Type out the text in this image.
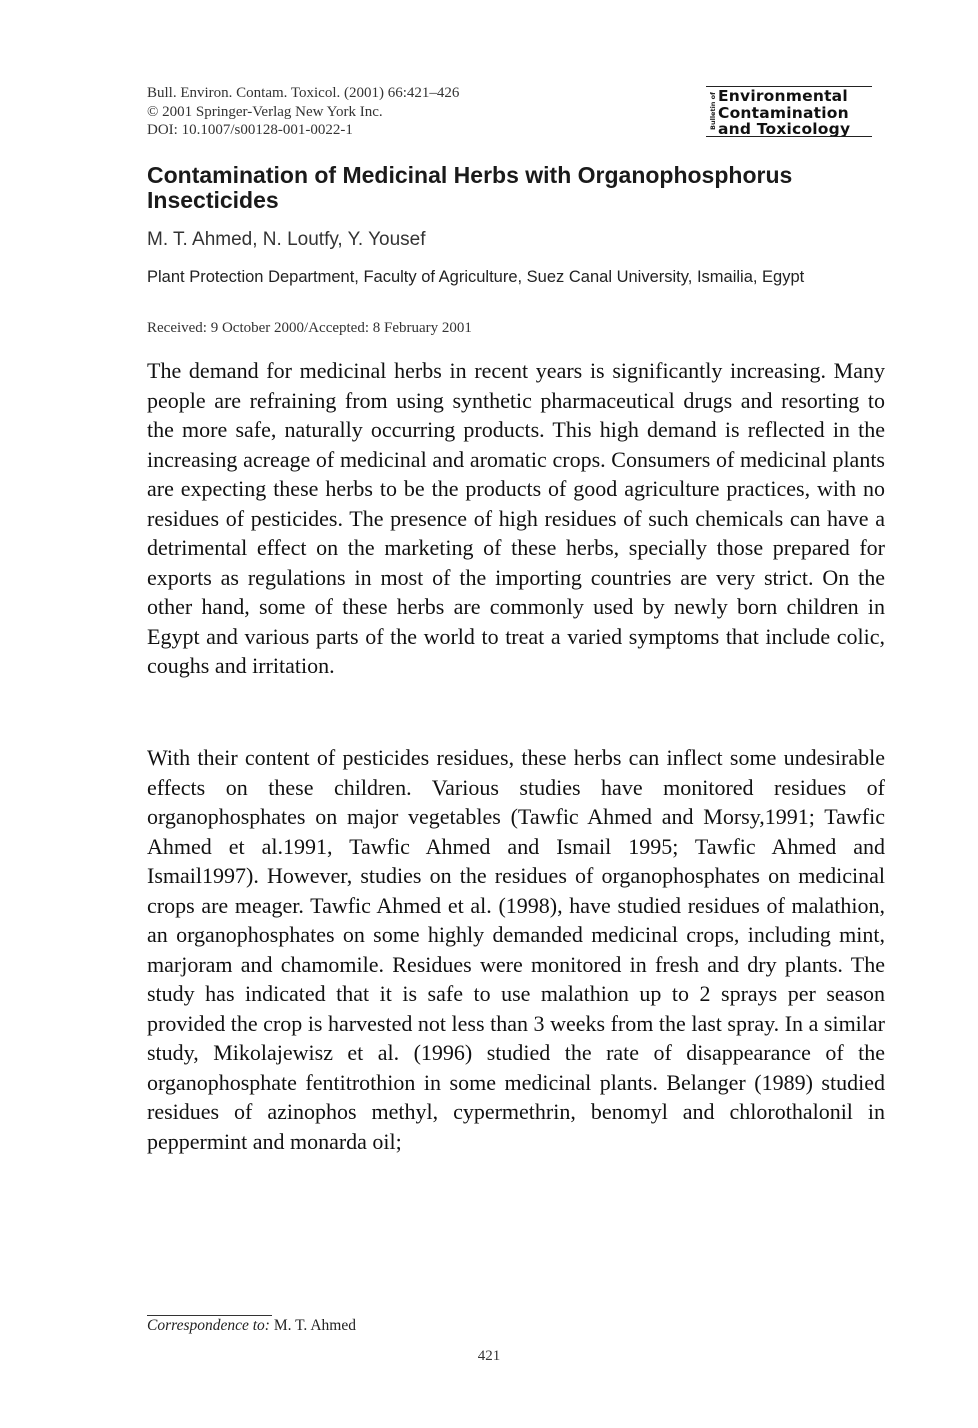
Bull. Environ. Contam. Toxicol. (2001) 66:421–426
© 2001 Springer-Verlag New York Inc.
DOI: 10.1007/s00128-001-0022-1
Bulletin of Environmental
Contamination
and Toxicology
Contamination of Medicinal Herbs with Organophosphorus Insecticides
M. T. Ahmed, N. Loutfy, Y. Yousef
Plant Protection Department, Faculty of Agriculture, Suez Canal University, Ismailia, Egypt
Received: 9 October 2000/Accepted: 8 February 2001

The demand for medicinal herbs in recent years is significantly increasing. Many people are refraining from using synthetic pharmaceutical drugs and resorting to the more safe, naturally occurring products. This high demand is reflected in the increasing acreage of medicinal and aromatic crops. Consumers of medicinal plants are expecting these herbs to be the products of good agriculture practices, with no residues of pesticides. The presence of high residues of such chemicals can have a detrimental effect on the marketing of these herbs, specially those prepared for exports as regulations in most of the importing countries are very strict. On the other hand, some of these herbs are commonly used by newly born children in Egypt and various parts of the world to treat a varied symptoms that include colic, coughs and irritation.

With their content of pesticides residues, these herbs can inflect some undesirable effects on these children. Various studies have monitored residues of organophosphates on major vegetables (Tawfic Ahmed and Morsy,1991; Tawfic Ahmed et al.1991, Tawfic Ahmed and Ismail 1995; Tawfic Ahmed and Ismail1997). However, studies on the residues of organophosphates on medicinal crops are meager. Tawfic Ahmed et al. (1998), have studied residues of malathion, an organophosphates on some highly demanded medicinal crops, including mint, marjoram and chamomile. Residues were monitored in fresh and dry plants. The study has indicated that it is safe to use malathion up to 2 sprays per season provided the crop is harvested not less than 3 weeks from the last spray. In a similar study, Mikolajewisz et al. (1996) studied the rate of disappearance of the organophosphate fentitrothion in some medicinal plants. Belanger (1989) studied residues of azinophos methyl, cypermethrin, benomyl and chlorothalonil in peppermint and monarda oil;

Correspondence to: M. T. Ahmed
421
